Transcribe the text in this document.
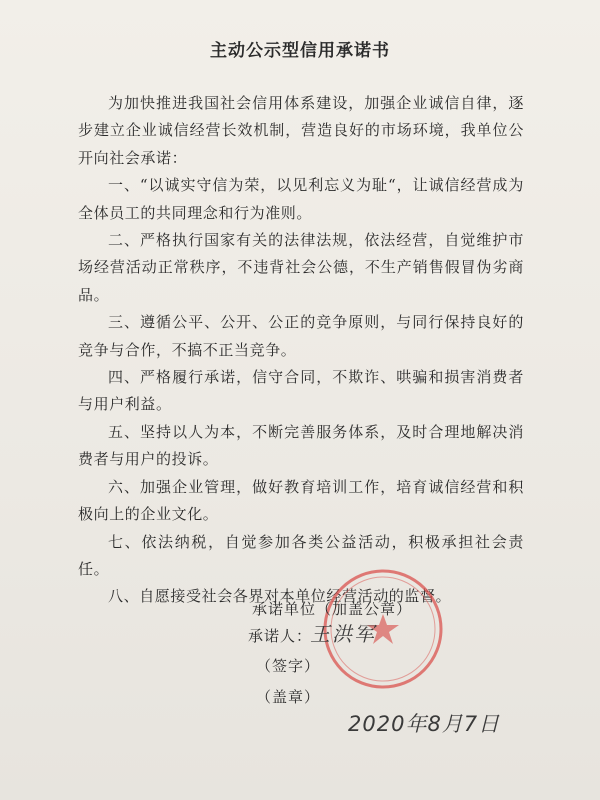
主动公示型信用承诺书

为加快推进我国社会信用体系建设，加强企业诚信自律，逐步建立企业诚信经营长效机制，营造良好的市场环境，我单位公开向社会承诺：

一、“以诚实守信为荣，以见利忘义为耻“，让诚信经营成为全体员工的共同理念和行为准则。

二、严格执行国家有关的法律法规，依法经营，自觉维护市场经营活动正常秩序，不违背社会公德，不生产销售假冒伪劣商品。

三、遵循公平、公开、公正的竞争原则，与同行保持良好的竞争与合作，不搞不正当竞争。

四、严格履行承诺，信守合同，不欺诈、哄骗和损害消费者与用户利益。

五、坚持以人为本，不断完善服务体系，及时合理地解决消费者与用户的投诉。

六、加强企业管理，做好教育培训工作，培育诚信经营和积极向上的企业文化。

七、依法纳税，自觉参加各类公益活动，积极承担社会责任。

八、自愿接受社会各界对本单位经营活动的监督。

承诺单位（加盖公章）
承诺人：
王洪军
（签字）
（盖章）
2020年8月7日
